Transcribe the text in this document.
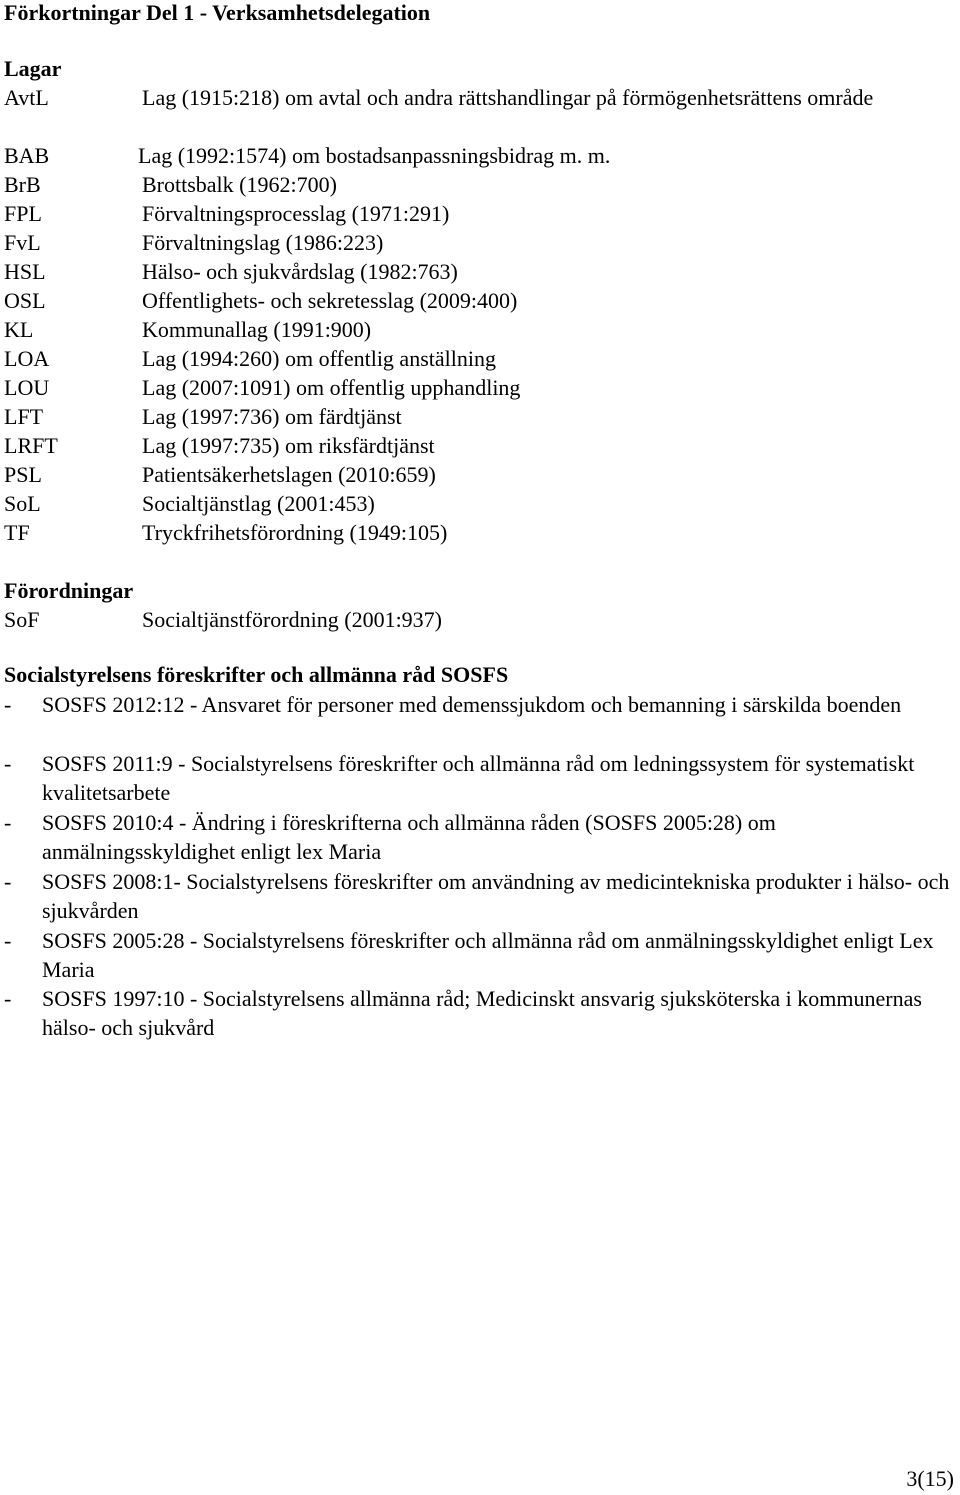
Förkortningar Del 1 - Verksamhetsdelegation
Lagar
AvtL	Lag (1915:218) om avtal och andra rättshandlingar på förmögenhetsrättens område
BAB	Lag (1992:1574) om bostadsanpassningsbidrag m. m.
BrB	Brottsbalk (1962:700)
FPL	Förvaltningsprocesslag (1971:291)
FvL	Förvaltningslag (1986:223)
HSL	Hälso- och sjukvårdslag (1982:763)
OSL	Offentlighets- och sekretesslag (2009:400)
KL	Kommunallag (1991:900)
LOA	Lag (1994:260) om offentlig anställning
LOU	Lag (2007:1091) om offentlig upphandling
LFT	Lag (1997:736) om färdtjänst
LRFT	Lag (1997:735) om riksfärdtjänst
PSL	Patientsäkerhetslagen (2010:659)
SoL	Socialtjänstlag (2001:453)
TF	Tryckfrihetsförordning (1949:105)
Förordningar
SoF	Socialtjänstförordning (2001:937)
Socialstyrelsens föreskrifter och allmänna råd SOSFS
- SOSFS 2012:12 - Ansvaret för personer med demenssjukdom och bemanning i särskilda boenden
- SOSFS 2011:9 - Socialstyrelsens föreskrifter och allmänna råd om ledningssystem för systematiskt kvalitetsarbete
- SOSFS 2010:4 - Ändring i föreskrifterna och allmänna råden (SOSFS 2005:28) om anmälningsskyldighet enligt lex Maria
- SOSFS 2008:1- Socialstyrelsens föreskrifter om användning av medicintekniska produkter i hälso- och sjukvården
- SOSFS 2005:28 - Socialstyrelsens föreskrifter och allmänna råd om anmälningsskyldighet enligt Lex Maria
- SOSFS 1997:10 - Socialstyrelsens allmänna råd; Medicinskt ansvarig sjuksköterska i kommunernas hälso- och sjukvård
3(15)
